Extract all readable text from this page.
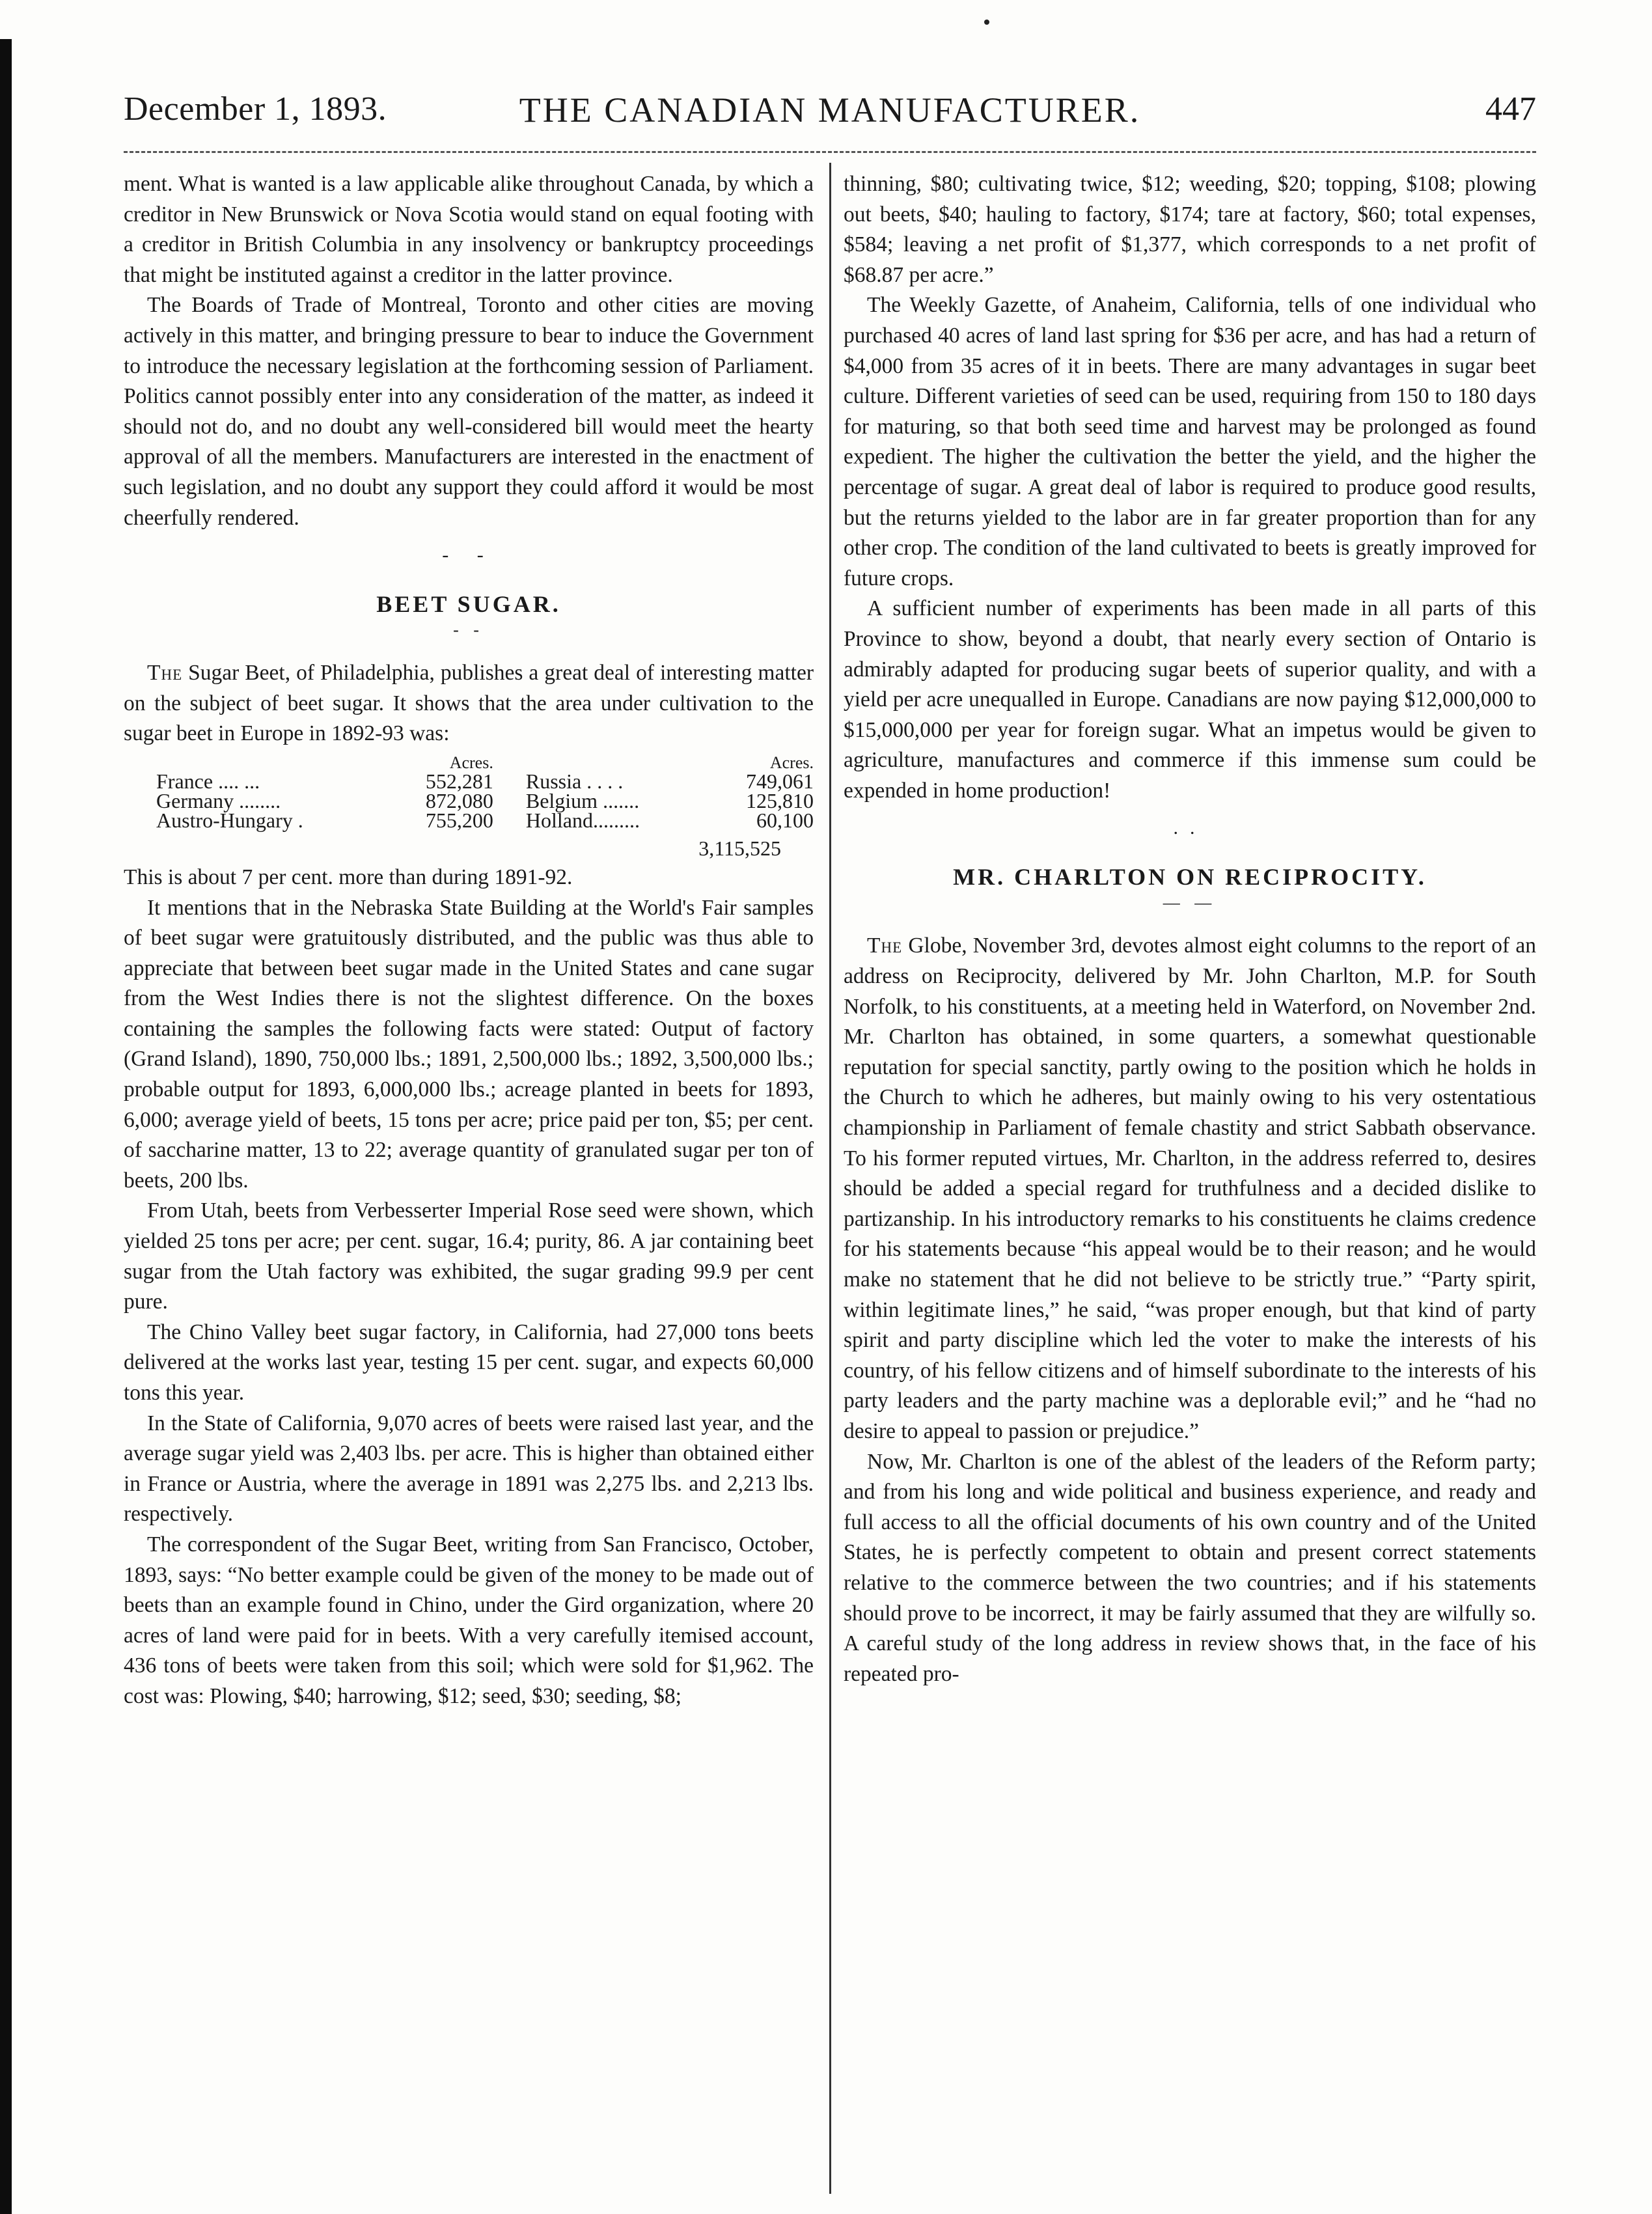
December 1, 1893.	THE CANADIAN MANUFACTURER.	447

ment. What is wanted is a law applicable alike throughout Canada, by which a creditor in New Brunswick or Nova Scotia would stand on equal footing with a creditor in British Columbia in any insolvency or bankruptcy proceedings that might be instituted against a creditor in the latter province.

The Boards of Trade of Montreal, Toronto and other cities are moving actively in this matter, and bringing pressure to bear to induce the Government to introduce the necessary legislation at the forthcoming session of Parliament. Politics cannot possibly enter into any consideration of the matter, as indeed it should not do, and no doubt any well-considered bill would meet the hearty approval of all the members. Manufacturers are interested in the enactment of such legislation, and no doubt any support they could afford it would be most cheerfully rendered.

- -
BEET SUGAR.
- -

The Sugar Beet, of Philadelphia, publishes a great deal of interesting matter on the subject of beet sugar. It shows that the area under cultivation to the sugar beet in Europe in 1892-93 was:

	Acres.		Acres.
France .... ...	552,281	Russia . . . .	749,061
Germany ........	872,080	Belgium .......	125,810
Austro-Hungary .	755,200	Holland.........	60,100
3,115,525

This is about 7 per cent. more than during 1891-92.

It mentions that in the Nebraska State Building at the World's Fair samples of beet sugar were gratuitously distributed, and the public was thus able to appreciate that between beet sugar made in the United States and cane sugar from the West Indies there is not the slightest difference. On the boxes containing the samples the following facts were stated: Output of factory (Grand Island), 1890, 750,000 lbs.; 1891, 2,500,000 lbs.; 1892, 3,500,000 lbs.; probable output for 1893, 6,000,000 lbs.; acreage planted in beets for 1893, 6,000; average yield of beets, 15 tons per acre; price paid per ton, $5; per cent. of saccharine matter, 13 to 22; average quantity of granulated sugar per ton of beets, 200 lbs.

From Utah, beets from Verbesserter Imperial Rose seed were shown, which yielded 25 tons per acre; per cent. sugar, 16.4; purity, 86. A jar containing beet sugar from the Utah factory was exhibited, the sugar grading 99.9 per cent pure.

The Chino Valley beet sugar factory, in California, had 27,000 tons beets delivered at the works last year, testing 15 per cent. sugar, and expects 60,000 tons this year.

In the State of California, 9,070 acres of beets were raised last year, and the average sugar yield was 2,403 lbs. per acre. This is higher than obtained either in France or Austria, where the average in 1891 was 2,275 lbs. and 2,213 lbs. respectively.

The correspondent of the Sugar Beet, writing from San Francisco, October, 1893, says: “No better example could be given of the money to be made out of beets than an example found in Chino, under the Gird organization, where 20 acres of land were paid for in beets. With a very carefully itemised account, 436 tons of beets were taken from this soil; which were sold for $1,962. The cost was: Plowing, $40; harrowing, $12; seed, $30; seeding, $8;

thinning, $80; cultivating twice, $12; weeding, $20; topping, $108; plowing out beets, $40; hauling to factory, $174; tare at factory, $60; total expenses, $584; leaving a net profit of $1,377, which corresponds to a net profit of $68.87 per acre.”

The Weekly Gazette, of Anaheim, California, tells of one individual who purchased 40 acres of land last spring for $36 per acre, and has had a return of $4,000 from 35 acres of it in beets. There are many advantages in sugar beet culture. Different varieties of seed can be used, requiring from 150 to 180 days for maturing, so that both seed time and harvest may be prolonged as found expedient. The higher the cultivation the better the yield, and the higher the percentage of sugar. A great deal of labor is required to produce good results, but the returns yielded to the labor are in far greater proportion than for any other crop. The condition of the land cultivated to beets is greatly improved for future crops.

A sufficient number of experiments has been made in all parts of this Province to show, beyond a doubt, that nearly every section of Ontario is admirably adapted for producing sugar beets of superior quality, and with a yield per acre unequalled in Europe. Canadians are now paying $12,000,000 to $15,000,000 per year for foreign sugar. What an impetus would be given to agriculture, manufactures and commerce if this immense sum could be expended in home production!

..
MR. CHARLTON ON RECIPROCITY.
— —

The Globe, November 3rd, devotes almost eight columns to the report of an address on Reciprocity, delivered by Mr. John Charlton, M.P. for South Norfolk, to his constituents, at a meeting held in Waterford, on November 2nd. Mr. Charlton has obtained, in some quarters, a somewhat questionable reputation for special sanctity, partly owing to the position which he holds in the Church to which he adheres, but mainly owing to his very ostentatious championship in Parliament of female chastity and strict Sabbath observance. To his former reputed virtues, Mr. Charlton, in the address referred to, desires should be added a special regard for truthfulness and a decided dislike to partizanship. In his introductory remarks to his constituents he claims credence for his statements because “his appeal would be to their reason; and he would make no statement that he did not believe to be strictly true.” “Party spirit, within legitimate lines,” he said, “was proper enough, but that kind of party spirit and party discipline which led the voter to make the interests of his country, of his fellow citizens and of himself subordinate to the interests of his party leaders and the party machine was a deplorable evil;” and he “had no desire to appeal to passion or prejudice.”

Now, Mr. Charlton is one of the ablest of the leaders of the Reform party; and from his long and wide political and business experience, and ready and full access to all the official documents of his own country and of the United States, he is perfectly competent to obtain and present correct statements relative to the commerce between the two countries; and if his statements should prove to be incorrect, it may be fairly assumed that they are wilfully so. A careful study of the long address in review shows that, in the face of his repeated pro-
